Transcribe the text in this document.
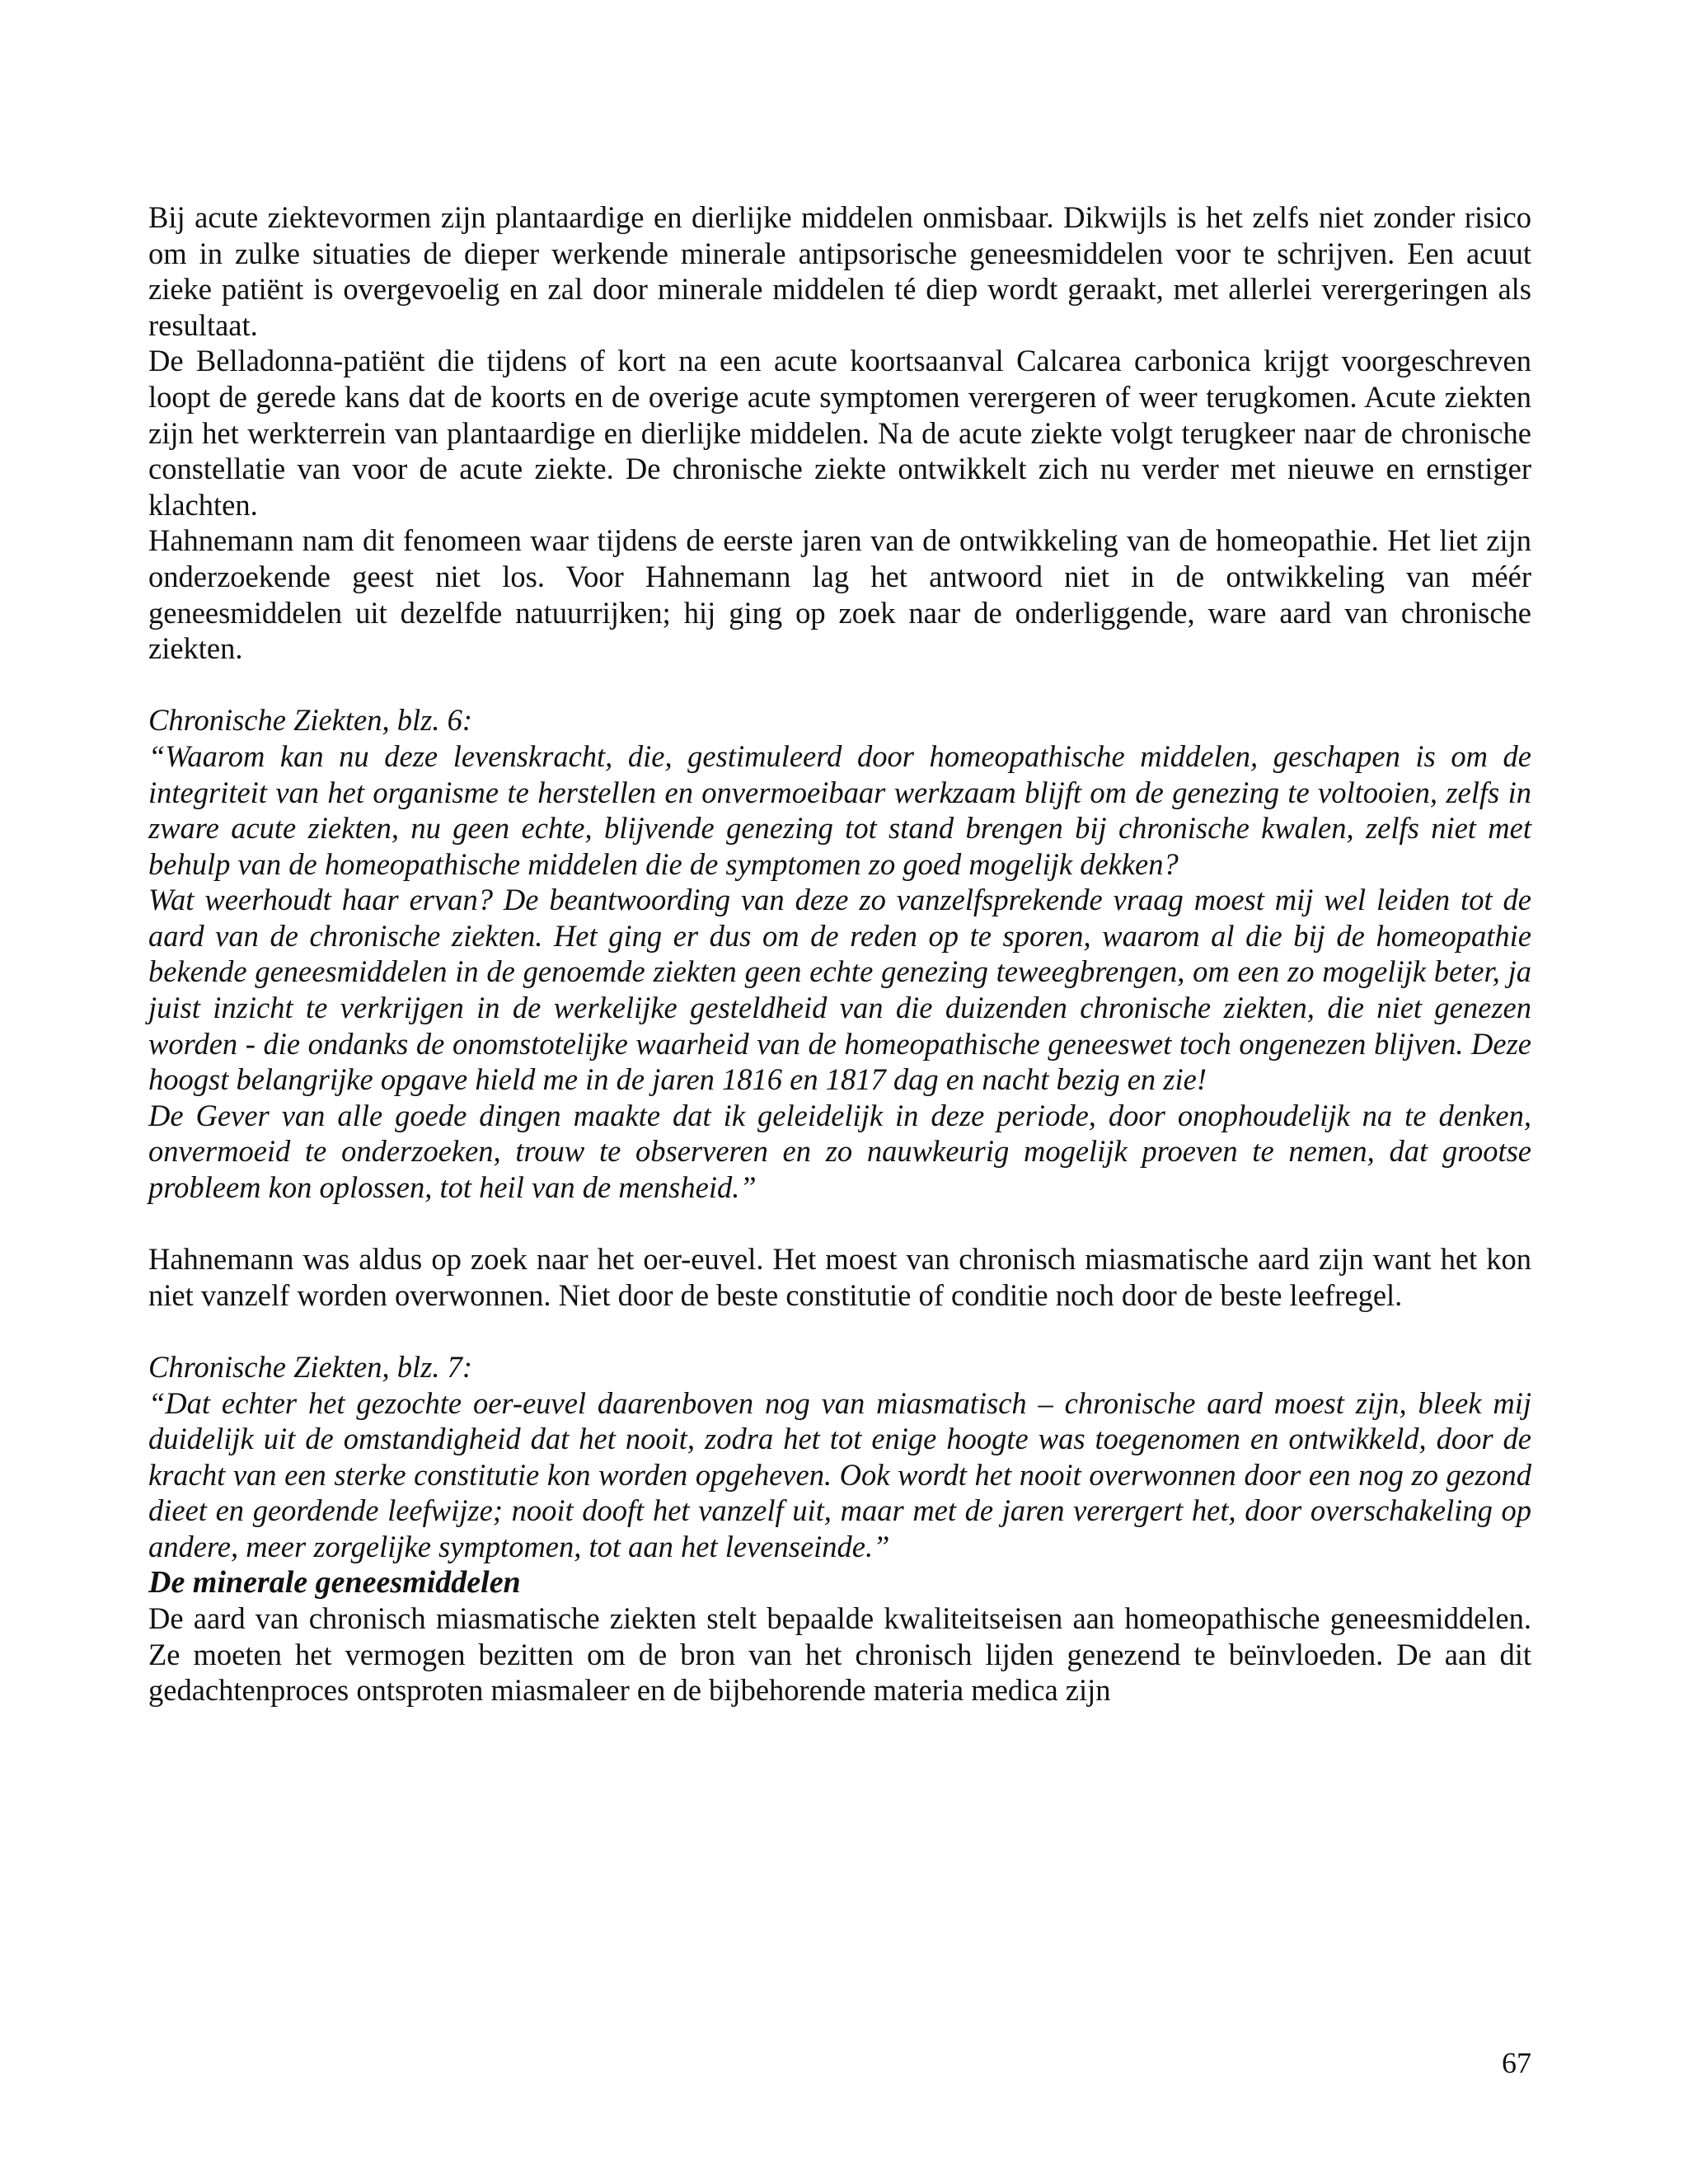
Bij acute ziektevormen zijn plantaardige en dierlijke middelen onmisbaar. Dikwijls is het zelfs niet zonder risico om in zulke situaties de dieper werkende minerale antipsorische geneesmiddelen voor te schrijven. Een acuut zieke patiënt is overgevoelig en zal door minerale middelen té diep wordt geraakt, met allerlei verergeringen als resultaat.

De Belladonna-patiënt die tijdens of kort na een acute koortsaanval Calcarea carbonica krijgt voorgeschreven loopt de gerede kans dat de koorts en de overige acute symptomen verergeren of weer terugkomen. Acute ziekten zijn het werkterrein van plantaardige en dierlijke middelen. Na de acute ziekte volgt terugkeer naar de chronische constellatie van voor de acute ziekte. De chronische ziekte ontwikkelt zich nu verder met nieuwe en ernstiger klachten.

Hahnemann nam dit fenomeen waar tijdens de eerste jaren van de ontwikkeling van de homeopathie. Het liet zijn onderzoekende geest niet los. Voor Hahnemann lag het antwoord niet in de ontwikkeling van méér geneesmiddelen uit dezelfde natuurrijken; hij ging op zoek naar de onderliggende, ware aard van chronische ziekten.

Chronische Ziekten, blz. 6:

“Waarom kan nu deze levenskracht, die, gestimuleerd door homeopathische middelen, geschapen is om de integriteit van het organisme te herstellen en onvermoeibaar werkzaam blijft om de genezing te voltooien, zelfs in zware acute ziekten, nu geen echte, blijvende genezing tot stand brengen bij chronische kwalen, zelfs niet met behulp van de homeopathische middelen die de symptomen zo goed mogelijk dekken?

Wat weerhoudt haar ervan? De beantwoording van deze zo vanzelfsprekende vraag moest mij wel leiden tot de aard van de chronische ziekten. Het ging er dus om de reden op te sporen, waarom al die bij de homeopathie bekende geneesmiddelen in de genoemde ziekten geen echte genezing teweegbrengen, om een zo mogelijk beter, ja juist inzicht te verkrijgen in de werkelijke gesteldheid van die duizenden chronische ziekten, die niet genezen worden - die ondanks de onomstotelijke waarheid van de homeopathische geneeswet toch ongenezen blijven. Deze hoogst belangrijke opgave hield me in de jaren 1816 en 1817 dag en nacht bezig en zie!

De Gever van alle goede dingen maakte dat ik geleidelijk in deze periode, door onophoudelijk na te denken, onvermoeid te onderzoeken, trouw te observeren en zo nauwkeurig mogelijk proeven te nemen, dat grootse probleem kon oplossen, tot heil van de mensheid.”

Hahnemann was aldus op zoek naar het oer-euvel. Het moest van chronisch miasmatische aard zijn want het kon niet vanzelf worden overwonnen. Niet door de beste constitutie of conditie noch door de beste leefregel.

Chronische Ziekten, blz. 7:

“Dat echter het gezochte oer-euvel daarenboven nog van miasmatisch – chronische aard moest zijn, bleek mij duidelijk uit de omstandigheid dat het nooit, zodra het tot enige hoogte was toegenomen en ontwikkeld, door de kracht van een sterke constitutie kon worden opgeheven. Ook wordt het nooit overwonnen door een nog zo gezond dieet en geordende leefwijze; nooit dooft het vanzelf uit, maar met de jaren verergert het, door overschakeling op andere, meer zorgelijke symptomen, tot aan het levenseinde.”

De minerale geneesmiddelen

De aard van chronisch miasmatische ziekten stelt bepaalde kwaliteitseisen aan homeopathische geneesmiddelen. Ze moeten het vermogen bezitten om de bron van het chronisch lijden genezend te beïnvloeden. De aan dit gedachtenproces ontsproten miasmaleer en de bijbehorende materia medica zijn

67
